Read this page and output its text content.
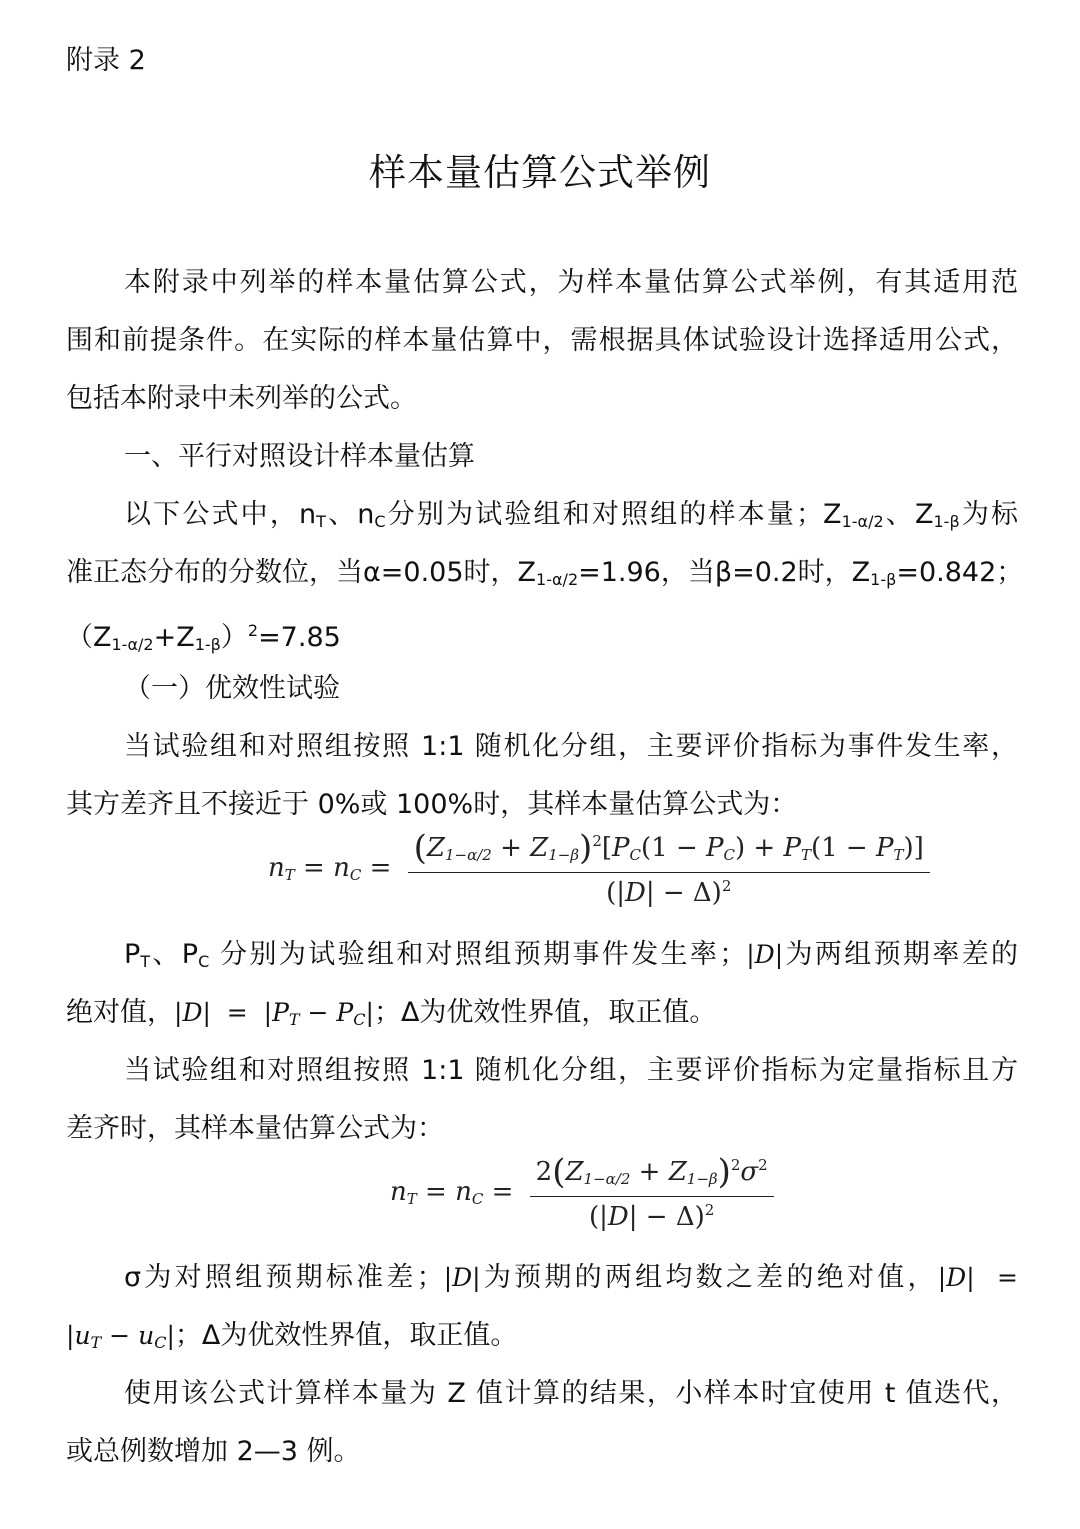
附录 2
样本量估算公式举例
本附录中列举的样本量估算公式，为样本量估算公式举例，有其适用范
围和前提条件。在实际的样本量估算中，需根据具体试验设计选择适用公式，
包括本附录中未列举的公式。
一、平行对照设计样本量估算
以下公式中，$n_T$、$n_C$分别为试验组和对照组的样本量；$Z_{1-\alpha/2}$、$Z_{1-\beta}$为标
准正态分布的分数位，当α=0.05时，$Z_{1-\alpha/2}=1.96$，当β=0.2时，$Z_{1-\beta}=0.842$；
$(Z_{1-\alpha/2}+Z_{1-\beta})^2=7.85$
（一）优效性试验
当试验组和对照组按照 1:1 随机化分组，主要评价指标为事件发生率，
其方差齐且不接近于 0%或 100%时，其样本量估算公式为：
$n_T = n_C = \frac{(Z_{1-\alpha/2} + Z_{1-\beta})^2[P_C(1 - P_C) + P_T(1 - P_T)]}{(|D| - \Delta)^2}$
$P_T$、$P_C$ 分别为试验组和对照组预期事件发生率；|D|为两组预期率差的
绝对值，$|D| = |P_T - P_C|$；Δ为优效性界值，取正值。
当试验组和对照组按照 1:1 随机化分组，主要评价指标为定量指标且方
差齐时，其样本量估算公式为：
$n_T = n_C = \frac{2(Z_{1-\alpha/2} + Z_{1-\beta})^2\sigma^2}{(|D| - \Delta)^2}$
σ为对照组预期标准差；|D|为预期的两组均数之差的绝对值，|D|  =
$|u_T - u_C|$；Δ为优效性界值，取正值。
使用该公式计算样本量为 Z 值计算的结果，小样本时宜使用 t 值迭代，
或总例数增加 2—3 例。
